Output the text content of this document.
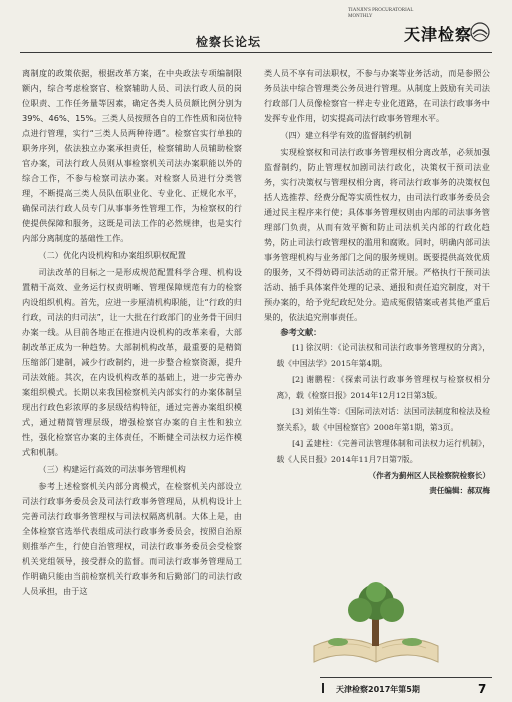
检察长论坛
TIANJIN'S PROCURATORIAL MONTHLY
天津检察

离制度的政策依据，根据改革方案，在中央政法专项编制限额内，综合考虑检察官、检察辅助人员、司法行政人员的岗位职责、工作任务量等因素，确定各类人员员额比例分别为39%、46%、15%。三类人员按照各自的工作性质和岗位特点进行管理，实行“三类人员两种待遇”。检察官实行单独的职务序列，依法独立办案承担责任，检察辅助人员辅助检察官办案，司法行政人员则从事检察机关司法办案职能以外的综合工作，不参与检察司法办案。对检察人员进行分类管理，不断提高三类人员队伍职业化、专业化、正规化水平，确保司法行政人员专门从事事务性管理工作，为检察权的行使提供保障和服务，这既是司法工作的必然规律，也是实行内部分离制度的基础性工作。

（二）优化内设机构和办案组织职权配置

司法改革的目标之一是形成规范配置科学合理、机构设置精干高效、业务运行权责明晰、管理保障规范有力的检察内设组织机构。首先，应进一步厘清机构职能，让“行政的归行政，司法的归司法”，让一大批在行政部门的业务骨干回归办案一线。从目前各地正在推进内设机构的改革来看，大部制改革正成为一种趋势。大部制机构改革，最重要的是精简压缩部门建制，减少行政制约，进一步整合检察资源，提升司法效能。其次，在内设机构改革的基础上，进一步完善办案组织模式。长期以来我国检察机关内部实行的办案体制呈现出行政色彩浓厚的多层级结构特征，通过完善办案组织模式，通过精简管理层级，增强检察官办案的自主性和独立性，强化检察官办案的主体责任，不断健全司法权力运作模式和机制。

（三）构建运行高效的司法事务管理机构

参考上述检察机关内部分离模式，在检察机关内部设立司法行政事务委员会及司法行政事务管理局，从机构设计上完善司法行政事务管理权与司法权隔离机制。大体上是，由全体检察官选举代表组成司法行政事务委员会，按照自治原则推举产生，行使自治管理权，司法行政事务委员会受检察机关党组领导，接受群众的监督。而司法行政事务管理局工作明确只能由当前检察机关行政事务和后勤部门的司法行政人员承担，由于这

类人员不享有司法职权，不参与办案等业务活动，而是参照公务员法中综合管理类公务员进行管理。从制度上鼓励有关司法行政部门人员像检察官一样走专业化道路，在司法行政事务中发挥专业作用，切实提高司法行政事务管理水平。

（四）建立科学有效的监督制约机制

实现检察权和司法行政事务管理权相分离改革，必须加强监督制约，防止管理权加剧司法行政化，决策权干预司法业务，实行决策权与管理权相分离，将司法行政事务的决策权包括人选推荐、经费分配等实质性权力，由司法行政事务委员会通过民主程序来行使；具体事务管理权则由内部的司法事务管理部门负责，从而有效平衡和防止司法机关内部的行政化趋势，防止司法行政管理权的滥用和腐败。同时，明确内部司法事务管理机构与业务部门之间的服务规则。既要提供高效优质的服务，又不得妨碍司法活动的正常开展。严格执行干预司法活动、插手具体案件处理的记录、通报和责任追究制度，对干预办案的，给予党纪政纪处分。造成冤假错案或者其他严重后果的，依法追究刑事责任。

参考文献：

[1] 徐汉明：《论司法权和司法行政事务管理权的分离》，载《中国法学》2015年第4期。

[2] 谢鹏程：《探索司法行政事务管理权与检察权相分离》，载《检察日报》2014年12月12日第3版。

[3] 刘佑生等：《国际司法对话：法国司法制度和检法及检察关系》，载《中国检察官》2008年第1期，第3页。

[4] 孟建柱：《完善司法管理体制和司法权力运行机制》，载《人民日报》2014年11月7日第7版。

（作者为蓟州区人民检察院检察长）

责任编辑：郝双梅

天津检察2017年第5期	7
